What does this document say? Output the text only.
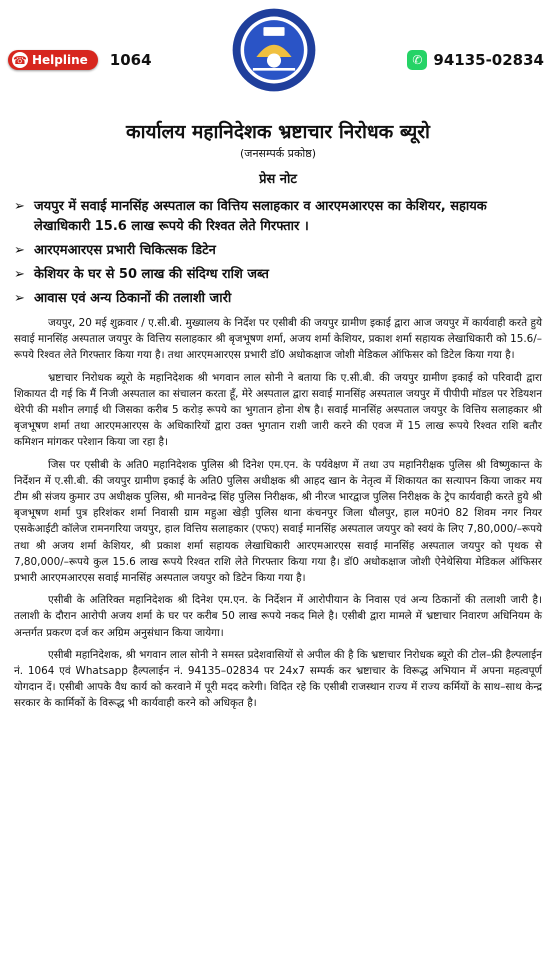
☎ Helpline 1064	✆ 94135-02834
कार्यालय महानिदेशक भ्रष्टाचार निरोधक ब्यूरो
(जनसम्पर्क प्रकोष्ठ)
प्रेस नोट
➢ जयपुर में सवाई मानसिंह अस्पताल का वित्तिय सलाहकार व आरएमआरएस का केशियर, सहायक लेखाधिकारी 15.6 लाख रूपये की रिश्वत लेते गिरफ्तार ।
➢ आरएमआरएस प्रभारी चिकित्सक डिटेन
➢ केशियर के घर से 50 लाख की संदिग्ध राशि जब्त
➢ आवास एवं अन्य ठिकानों की तलाशी जारी

जयपुर, 20 मई शुक्रवार / ए.सी.बी. मुख्यालय के निर्देश पर एसीबी की जयपुर ग्रामीण इकाई द्वारा आज जयपुर में कार्यवाही करते हुये सवाई मानसिंह अस्पताल जयपुर के वित्तिय सलाहकार श्री बृजभूषण शर्मा, अजय शर्मा केशियर, प्रकाश शर्मा सहायक लेखाधिकारी को 15.6/–रूपये रिश्वत लेते गिरफ्तार किया गया है। तथा आरएमआरएस प्रभारी डॉ0 अधोकक्षाज जोशी मेडिकल ऑफिसर को डिटेल किया गया है।

भ्रष्टाचार निरोधक ब्यूरो के महानिदेशक श्री भगवान लाल सोनी ने बताया कि ए.सी.बी. की जयपुर ग्रामीण इकाई को परिवादी द्वारा शिकायत दी गई कि मैं निजी अस्पताल का संचालन करता हूँ, मेरे अस्पताल द्वारा सवाई मानसिंह अस्पताल जयपुर में पीपीपी मॉडल पर रेडियशन थेरेपी की मशीन लगाई थी जिसका करीब 5 करोड़ रूपये का भुगतान होना शेष है। सवाई मानसिंह अस्पताल जयपुर के वित्तिय सलाहकार श्री बृजभूषण शर्मा तथा आरएमआरएस के अधिकारियों द्वारा उक्त भुगतान राशी जारी करने की एवज में 15 लाख रूपये रिश्वत राशि बतौर कमिशन मांगकर परेशान किया जा रहा है।

जिस पर एसीबी के अति0 महानिदेशक पुलिस श्री दिनेश एम.एन. के पर्यवेक्षण में तथा उप महानिरीक्षक पुलिस श्री विष्णुकान्त के निर्देशन में ए.सी.बी. की जयपुर ग्रामीण इकाई के अति0 पुलिस अधीक्षक श्री आहद खान के नेतृत्व में शिकायत का सत्यापन किया जाकर मय टीम श्री संजय कुमार उप अधीक्षक पुलिस, श्री मानवेन्द्र सिंह पुलिस निरीक्षक, श्री नीरज भारद्वाज पुलिस निरीक्षक के ट्रेप कार्यवाही करते हुये श्री बृजभूषण शर्मा पुत्र हरिशंकर शर्मा निवासी ग्राम महुआ खेड़ी पुलिस थाना कंचनपुर जिला धौलपुर, हाल म0नं0 82 शिवम नगर नियर एसकेआईटी कॉलेज रामनगरिया जयपुर, हाल वित्तिय सलाहकार (एफए) सवाई मानसिंह अस्पताल जयपुर को स्वयं के लिए 7,80,000/–रूपये तथा श्री अजय शर्मा केशियर, श्री प्रकाश शर्मा सहायक लेखाधिकारी आरएमआरएस सवाई मानसिंह अस्पताल जयपुर को पृथक से 7,80,000/–रूपये कुल 15.6 लाख रूपये रिश्वत राशि लेते गिरफ्तार किया गया है। डॉ0 अधोकक्षाज जोशी ऐनेथेसिया मेडिकल ऑफिसर प्रभारी आरएमआरएस सवाई मानसिंह अस्पताल जयपुर को डिटेन किया गया है।

एसीबी के अतिरिक्त महानिदेशक श्री दिनेश एम.एन. के निर्देशन में आरोपीयान के निवास एवं अन्य ठिकानों की तलाशी जारी है। तलाशी के दौरान आरोपी अजय शर्मा के घर पर करीब 50 लाख रूपये नकद मिले है। एसीबी द्वारा मामले में भ्रष्टाचार निवारण अधिनियम के अन्तर्गत प्रकरण दर्ज कर अग्रिम अनुसंधान किया जायेगा।

एसीबी महानिदेशक, श्री भगवान लाल सोनी ने समस्त प्रदेशवासियों से अपील की है कि भ्रष्टाचार निरोधक ब्यूरो की टोल–फ्री हैल्पलाईन नं. 1064 एवं Whatsapp हैल्पलाईन नं. 94135–02834 पर 24x7 सम्पर्क कर भ्रष्टाचार के विरूद्ध अभियान में अपना महत्वपूर्ण योगदान दें। एसीबी आपके वैध कार्य को करवाने में पूरी मदद करेगी। विदित रहे कि एसीबी राजस्थान राज्य में राज्य कर्मियों के साथ–साथ केन्द्र सरकार के कार्मिकों के विरूद्ध भी कार्यवाही करने को अधिकृत है।
